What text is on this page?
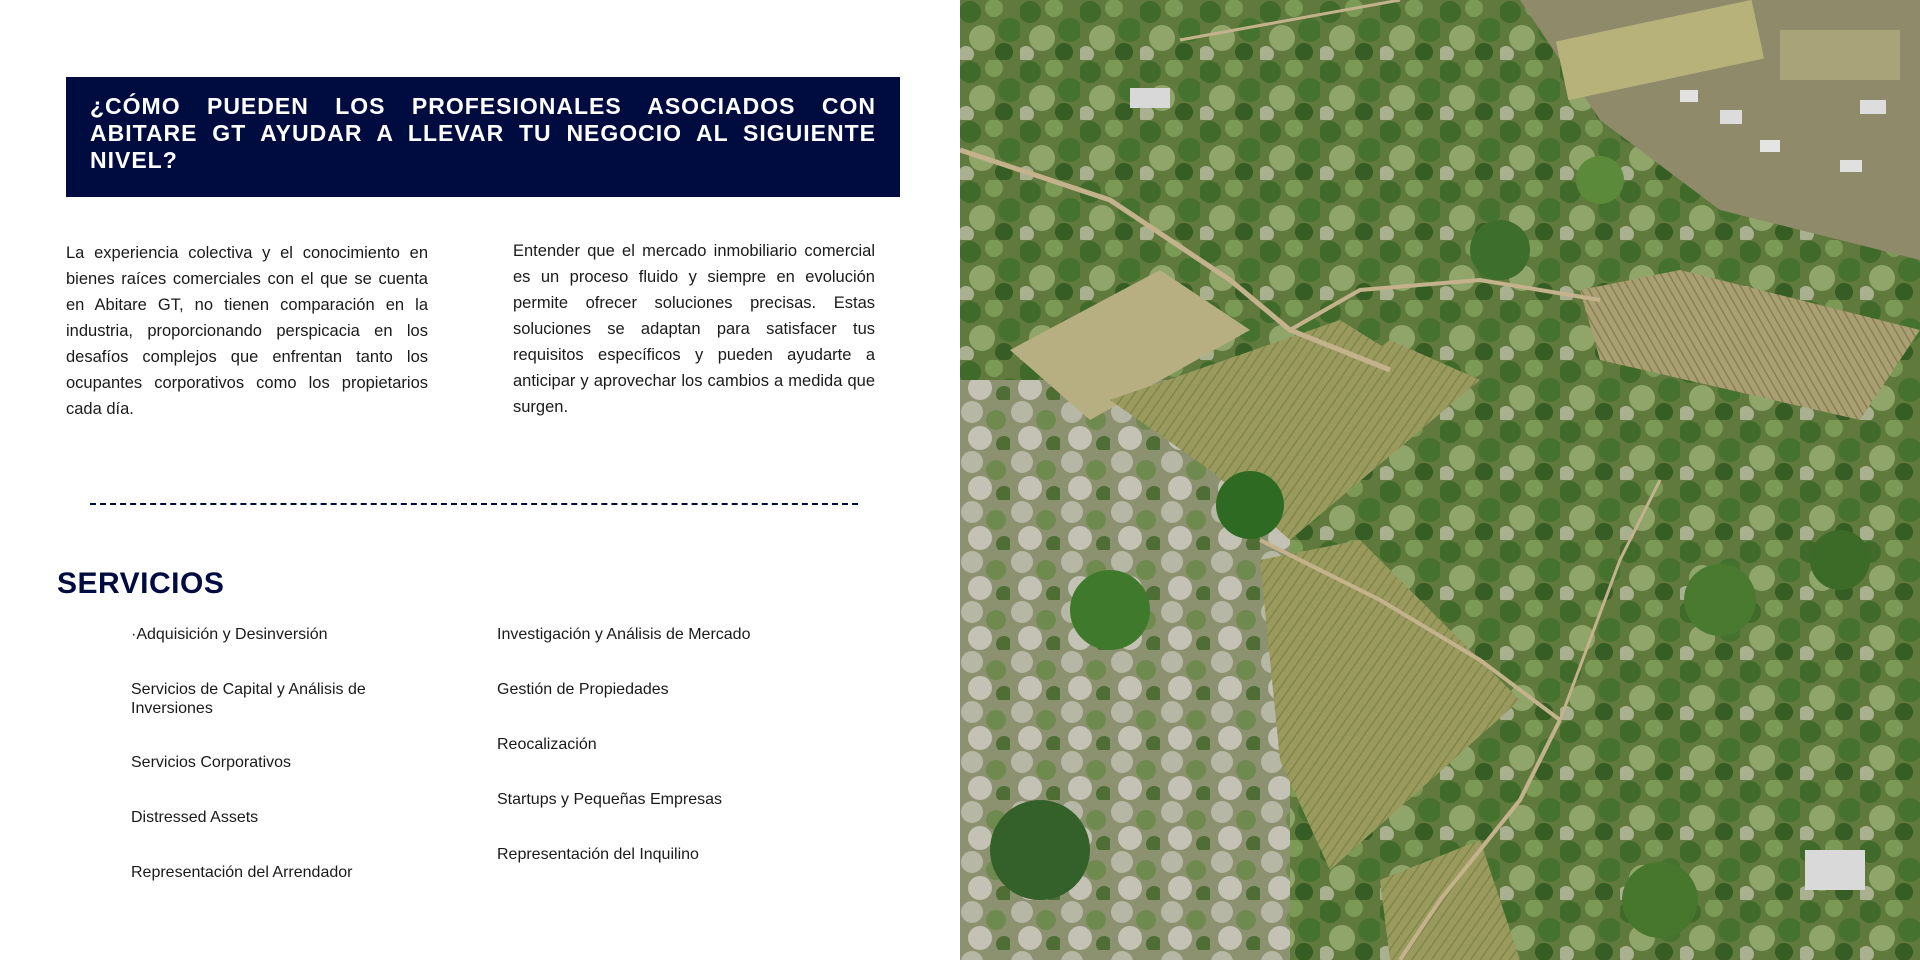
¿CÓMO PUEDEN LOS PROFESIONALES ASOCIADOS CON ABITARE GT AYUDAR A LLEVAR TU NEGOCIO AL SIGUIENTE NIVEL?

La experiencia colectiva y el conocimiento en bienes raíces comerciales con el que se cuenta en Abitare GT, no tienen comparación en la industria, proporcionando perspicacia en los desafíos complejos que enfrentan tanto los ocupantes corporativos como los propietarios cada día.

Entender que el mercado inmobiliario comercial es un proceso fluido y siempre en evolución permite ofrecer soluciones precisas. Estas soluciones se adaptan para satisfacer tus requisitos específicos y pueden ayudarte a anticipar y aprovechar los cambios a medida que surgen.

SERVICIOS

·Adquisición y Desinversión

Servicios de Capital y Análisis de Inversiones

Servicios Corporativos

Distressed Assets

Representación del Arrendador

Investigación y Análisis de Mercado

Gestión de Propiedades

Reocalización

Startups y Pequeñas Empresas

Representación del Inquilino
